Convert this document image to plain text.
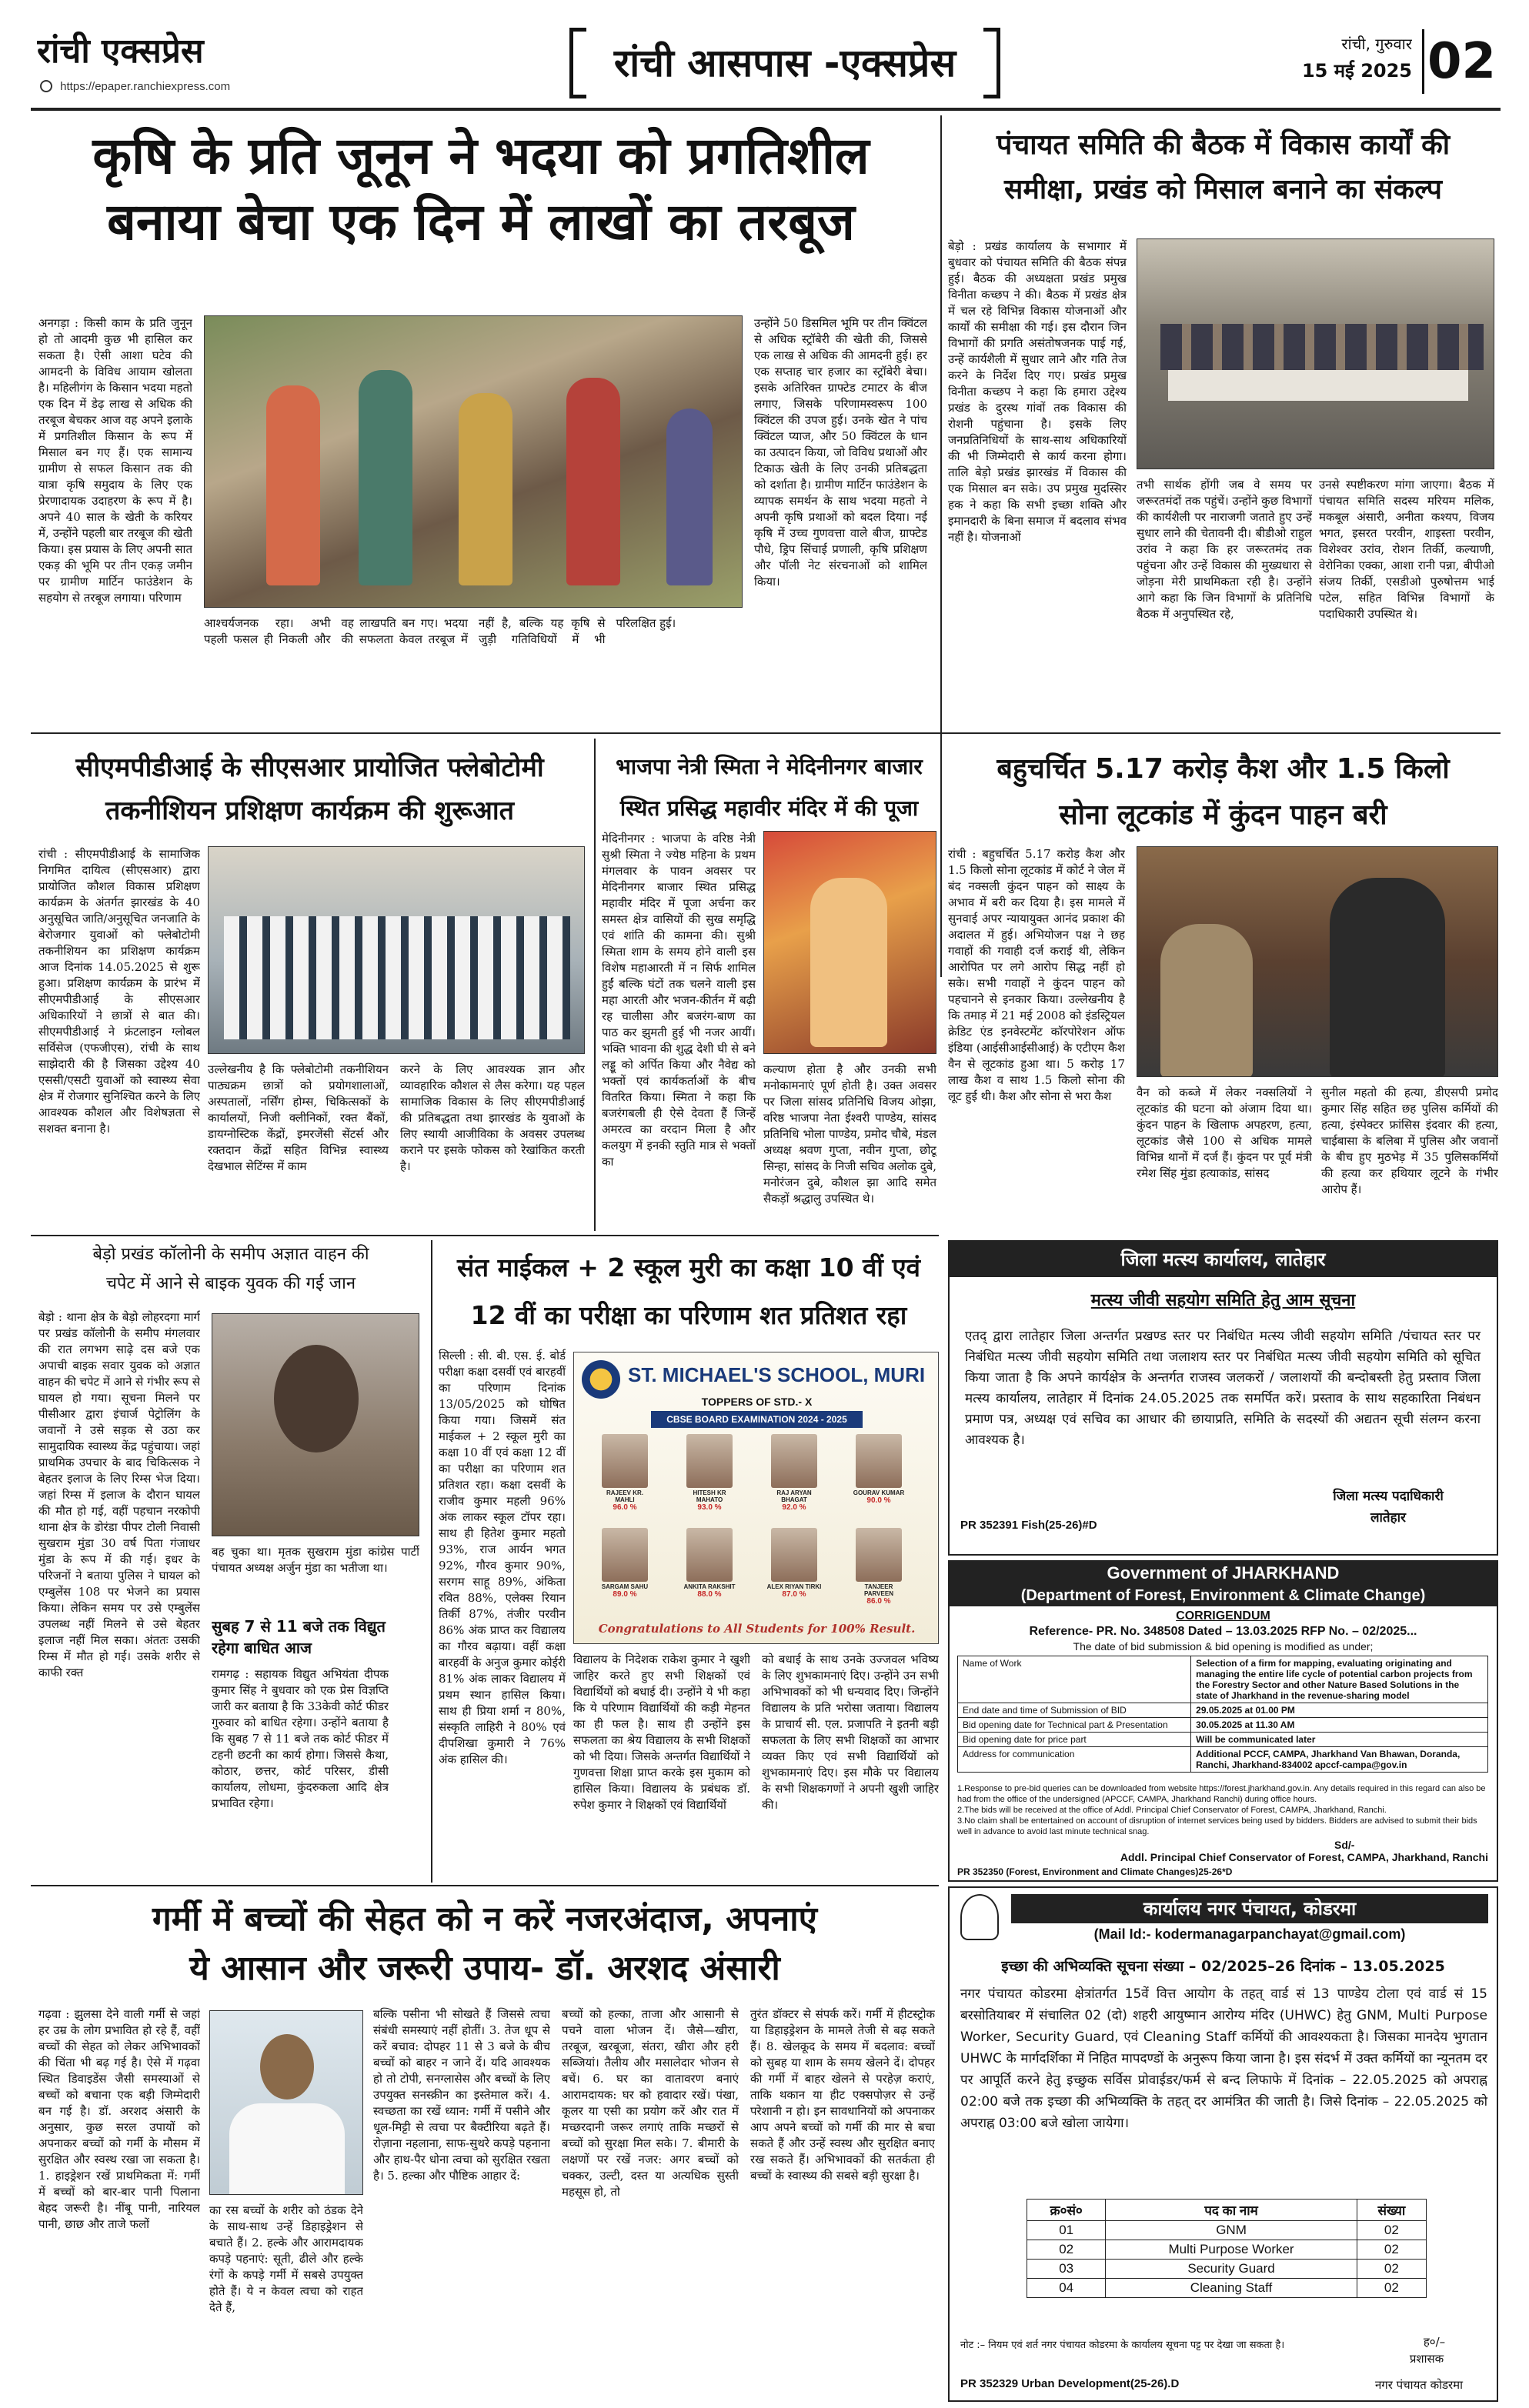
रांची एक्सप्रेस
https://epaper.ranchiexpress.com
रांची आसपास -एक्सप्रेस	रांची, गुरुवार
15 मई 2025 02
कृषि के प्रति जूनून ने भदया को प्रगतिशील
बनाया बेचा एक दिन में लाखों का तरबूज
अनगड़ा : किसी काम के प्रति जुनून हो तो आदमी कुछ भी हासिल कर सकता है। ऐसी आशा घटेव की आमदनी के विविध आयाम खोलता है। महिलीगंग के किसान भदया महतो एक दिन में डेढ़ लाख से अधिक की तरबूज बेचकर आज वह अपने इलाके में प्रगतिशील किसान के रूप में मिसाल बन गए हैं। एक सामान्य ग्रामीण से सफल किसान तक की यात्रा कृषि समुदाय के लिए एक प्रेरणादायक उदाहरण के रूप में है। अपने 40 साल के खेती के करियर में, उन्होंने पहली बार तरबूज की खेती किया। इस प्रयास के लिए अपनी सात एकड़ की भूमि पर तीन एकड़ जमीन पर ग्रामीण मार्टिन फाउंडेशन के सहयोग से तरबूज लगाया। परिणाम
आश्चर्यजनक रहा। अभी पहली फसल ही निकली और वह लाखपति बन गए। भदया की सफलता केवल तरबूज में नहीं है, बल्कि यह कृषि से जुड़ी गतिविधियों में भी परिलक्षित हुई।
उन्होंने 50 डिसमिल भूमि पर तीन क्विंटल से अधिक स्ट्रॉबेरी की खेती की, जिससे एक लाख से अधिक की आमदनी हुई। हर एक सप्ताह चार हजार का स्ट्रॉबेरी बेचा। इसके अतिरिक्त ग्राफ्टेड टमाटर के बीज लगाए, जिसके परिणामस्वरूप 100 क्विंटल की उपज हुई। उनके खेत ने पांच क्विंटल प्याज, और 50 क्विंटल के धान का उत्पादन किया, जो विविध प्रथाओं और टिकाऊ खेती के लिए उनकी प्रतिबद्धता को दर्शाता है। ग्रामीण मार्टिन फाउंडेशन के व्यापक समर्थन के साथ भदया महतो ने अपनी कृषि प्रथाओं को बदल दिया। नई कृषि में उच्च गुणवत्ता वाले बीज, ग्राफ्टेड पौधे, ड्रिप सिंचाई प्रणाली, कृषि प्रशिक्षण और पॉली नेट संरचनाओं को शामिल किया।
पंचायत समिति की बैठक में विकास कार्यों की
समीक्षा, प्रखंड को मिसाल बनाने का संकल्प
बेड़ो : प्रखंड कार्यालय के सभागार में बुधवार को पंचायत समिति की बैठक संपन्न हुई। बैठक की अध्यक्षता प्रखंड प्रमुख विनीता कच्छप ने की। बैठक में प्रखंड क्षेत्र में चल रहे विभिन्न विकास योजनाओं और कार्यों की समीक्षा की गई। इस दौरान जिन विभागों की प्रगति असंतोषजनक पाई गई, उन्हें कार्यशैली में सुधार लाने और गति तेज करने के निर्देश दिए गए। प्रखंड प्रमुख विनीता कच्छप ने कहा कि हमारा उद्देश्य प्रखंड के दुरस्थ गांवों तक विकास की रोशनी पहुंचाना है। इसके लिए जनप्रतिनिधियों के साथ-साथ अधिकारियों की भी जिम्मेदारी से कार्य करना होगा। तालि बेड़ो प्रखंड झारखंड में विकास की एक मिसाल बन सके। उप प्रमुख मुदस्सिर हक ने कहा कि सभी इच्छा शक्ति और इमानदारी के बिना समाज में बदलाव संभव नहीं है। योजनाओं
तभी सार्थक होंगी जब वे समय पर जरूरतमंदों तक पहुंचें। उन्होंने कुछ विभागों की कार्यशैली पर नाराजगी जताते हुए उन्हें सुधार लाने की चेतावनी दी। बीडीओ राहुल उरांव ने कहा कि हर जरूरतमंद तक पहुंचना और उन्हें विकास की मुख्यधारा से जोड़ना मेरी प्राथमिकता रही है। उन्होंने आगे कहा कि जिन विभागों के प्रतिनिधि बैठक में अनुपस्थित रहे,
उनसे स्पष्टीकरण मांगा जाएगा। बैठक में पंचायत समिति सदस्य मरियम मलिक, मकबूल अंसारी, अनीता कश्यप, विजय भगत, इसरत परवीन, शाइस्ता परवीन, विशेश्वर उरांव, रोशन तिर्की, कल्याणी, वेरोनिका एक्का, आशा रानी पन्ना, बीपीओ संजय तिर्की, एसडीओ पुरुषोत्तम भाई पटेल, सहित विभिन्न विभागों के पदाधिकारी उपस्थित थे।
सीएमपीडीआई के सीएसआर प्रायोजित फ्लेबोटोमी
तकनीशियन प्रशिक्षण कार्यक्रम की शुरूआत
रांची : सीएमपीडीआई के सामाजिक निगमित दायित्व (सीएसआर) द्वारा प्रायोजित कौशल विकास प्रशिक्षण कार्यक्रम के अंतर्गत झारखंड के 40 अनुसूचित जाति/अनुसूचित जनजाति के बेरोजगार युवाओं को फ्लेबोटोमी तकनीशियन का प्रशिक्षण कार्यक्रम आज दिनांक 14.05.2025 से शुरू हुआ। प्रशिक्षण कार्यक्रम के प्रारंभ में सीएमपीडीआई के सीएसआर अधिकारियों ने छात्रों से बात की। सीएमपीडीआई ने फ्रंटलाइन ग्लोबल सर्विसेज (एफजीएस), रांची के साथ साझेदारी की है जिसका उद्देश्य 40 एससी/एसटी युवाओं को स्वास्थ्य सेवा क्षेत्र में रोजगार सुनिश्चित करने के लिए आवश्यक कौशल और विशेषज्ञता से सशक्त बनाना है।
उल्लेखनीय है कि फ्लेबोटोमी तकनीशियन पाठ्यक्रम छात्रों को प्रयोगशालाओं, अस्पतालों, नर्सिंग होम्स, चिकित्सकों के कार्यालयों, निजी क्लीनिकों, रक्त बैंकों, डायग्नोस्टिक केंद्रों, इमरजेंसी सेंटर्स और रक्तदान केंद्रों सहित विभिन्न स्वास्थ्य देखभाल सेटिंग्स में काम
करने के लिए आवश्यक ज्ञान और व्यावहारिक कौशल से लैस करेगा। यह पहल सामाजिक विकास के लिए सीएमपीडीआई की प्रतिबद्धता तथा झारखंड के युवाओं के लिए स्थायी आजीविका के अवसर उपलब्ध कराने पर इसके फोकस को रेखांकित करती है।
भाजपा नेत्री स्मिता ने मेदिनीनगर बाजार
स्थित प्रसिद्ध महावीर मंदिर में की पूजा
मेदिनीनगर : भाजपा के वरिष्ठ नेत्री सुश्री स्मिता ने ज्येष्ठ महिना के प्रथम मंगलवार के पावन अवसर पर मेदिनीनगर बाजार स्थित प्रसिद्ध महावीर मंदिर में पूजा अर्चना कर समस्त क्षेत्र वासियों की सुख समृद्धि एवं शांति की कामना की। सुश्री स्मिता शाम के समय होने वाली इस विशेष महाआरती में न सिर्फ शामिल हुईं बल्कि घंटों तक चलने वाली इस महा आरती और भजन-कीर्तन में बढ़ी रह चालीसा और बजरंग-बाण का पाठ कर झुमती हुई भी नजर आयीं। भक्ति भावना की शुद्ध देशी घी से बने लड्डू को अर्पित किया और नैवेद्य को भक्तों एवं कार्यकर्ताओं के बीच वितरित किया। स्मिता ने कहा कि बजरंगबली ही ऐसे देवता हैं जिन्हें अमरत्व का वरदान मिला है और कलयुग में इनकी स्तुति मात्र से भक्तों का
कल्याण होता है और उनकी सभी मनोकामनाएं पूर्ण होती है। उक्त अवसर पर जिला सांसद प्रतिनिधि विजय ओझा, वरिष्ठ भाजपा नेता ईश्वरी पाण्डेय, सांसद प्रतिनिधि भोला पाण्डेय, प्रमोद चौबे, मंडल अध्यक्ष श्रवण गुप्ता, नवीन गुप्ता, छोटू सिन्हा, सांसद के निजी सचिव अलोक दुबे, मनोरंजन दुबे, कौशल झा आदि समेत सैकड़ों श्रद्धालु उपस्थित थे।
बहुचर्चित 5.17 करोड़ कैश और 1.5 किलो
सोना लूटकांड में कुंदन पाहन बरी
रांची : बहुचर्चित 5.17 करोड़ कैश और 1.5 किलो सोना लूटकांड में कोर्ट ने जेल में बंद नक्सली कुंदन पाहन को साक्ष्य के अभाव में बरी कर दिया है। इस मामले में सुनवाई अपर न्यायायुक्त आनंद प्रकाश की अदालत में हुई। अभियोजन पक्ष ने छह गवाहों की गवाही दर्ज कराई थी, लेकिन आरोपित पर लगे आरोप सिद्ध नहीं हो सके। सभी गवाहों ने कुंदन पाहन को पहचानने से इनकार किया। उल्लेखनीय है कि तमाड़ में 21 मई 2008 को इंडस्ट्रियल क्रेडिट एंड इनवेस्टमेंट कॉरपोरेशन ऑफ इंडिया (आईसीआईसीआई) के एटीएम कैश वैन से लूटकांड हुआ था। 5 करोड़ 17 लाख कैश व साथ 1.5 किलो सोना की लूट हुई थी। कैश और सोना से भरा कैश	वैन को कब्जे में लेकर नक्सलियों ने लूटकांड की घटना को अंजाम दिया था। कुंदन पाहन के खिलाफ अपहरण, हत्या, लूटकांड जैसे 100 से अधिक मामले विभिन्न थानों में दर्ज हैं। कुंदन पर पूर्व मंत्री रमेश सिंह मुंडा हत्याकांड, सांसद
सुनील महतो की हत्या, डीएसपी प्रमोद कुमार सिंह सहित छह पुलिस कर्मियों की हत्या, इंस्पेक्टर फ्रांसिस इंदवार की हत्या, चाईबासा के बलिबा में पुलिस और जवानों के बीच हुए मुठभेड़ में 35 पुलिसकर्मियों की हत्या कर हथियार लूटने के गंभीर आरोप हैं।
बेड़ो प्रखंड कॉलोनी के समीप अज्ञात वाहन की
चपेट में आने से बाइक युवक की गई जान
बेड़ो : थाना क्षेत्र के बेड़ो लोहरदगा मार्ग पर प्रखंड कॉलोनी के समीप मंगलवार की रात लगभग साढ़े दस बजे एक अपाची बाइक सवार युवक को अज्ञात वाहन की चपेट में आने से गंभीर रूप से घायल हो गया। सूचना मिलने पर पीसीआर द्वारा इंचार्ज पेट्रोलिंग के जवानों ने उसे सड़क से उठा कर सामुदायिक स्वास्थ्य केंद्र पहुंचाया। जहां प्राथमिक उपचार के बाद चिकित्सक ने बेहतर इलाज के लिए रिम्स भेज दिया। जहां रिम्स में इलाज के दौरान घायल की मौत हो गई, वहीं पहचान नरकोपी थाना क्षेत्र के डोरंडा पीपर टोली निवासी सुखराम मुंडा 30 वर्ष पिता गंजाधर मुंडा के रूप में की गई। इधर के परिजनों ने बताया पुलिस ने घायल को एम्बुलेंस 108 पर भेजने का प्रयास किया। लेकिन समय पर उसे एम्बुलेंस उपलब्ध नहीं मिलने से उसे बेहतर इलाज नहीं मिल सका। अंततः उसकी रिम्स में मौत हो गई। उसके शरीर से काफी रक्त
बह चुका था। मृतक सुखराम मुंडा कांग्रेस पार्टी पंचायत अध्यक्ष अर्जुन मुंडा का भतीजा था।
सुबह 7 से 11 बजे तक विद्युत रहेगा बाधित आज
रामगढ़ : सहायक विद्युत अभियंता दीपक कुमार सिंह ने बुधवार को एक प्रेस विज्ञप्ति जारी कर बताया है कि 33केवी कोर्ट फीडर गुरुवार को बाधित रहेगा। उन्होंने बताया है कि सुबह 7 से 11 बजे तक कोर्ट फीडर में टहनी छटनी का कार्य होगा। जिससे कैथा, कोठार, छत्तर, कोर्ट परिसर, डीसी कार्यालय, लोधमा, कुंदरुकला आदि क्षेत्र प्रभावित रहेगा।
संत माईकल + 2 स्कूल मुरी का कक्षा 10 वीं एवं
12 वीं का परीक्षा का परिणाम शत प्रतिशत रहा
सिल्ली : सी. बी. एस. ई. बोर्ड परीक्षा कक्षा दसवीं एवं बारहवीं का परिणाम दिनांक 13/05/2025 को घोषित किया गया। जिसमें संत माईकल + 2 स्कूल मुरी का कक्षा 10 वीं एवं कक्षा 12 वीं का परीक्षा का परिणाम शत प्रतिशत रहा। कक्षा दसवीं के राजीव कुमार महली 96% अंक लाकर स्कूल टॉपर रहा। साथ ही हितेश कुमार महतो 93%, राज आर्यन भगत 92%, गौरव कुमार 90%, सरगम साहू 89%, अंकिता रवित 88%, एलेक्स रियान तिर्की 87%, तंजीर परवीन 86% अंक प्राप्त कर विद्यालय का गौरव बढ़ाया। वहीं कक्षा बारहवीं के अनुज कुमार कोईरी 81% अंक लाकर विद्यालय में प्रथम स्थान हासिल किया। साथ ही प्रिया शर्मा न 80%, संस्कृति लाहिरी ने 80% एवं दीपशिखा कुमारी ने 76% अंक हासिल की।
ST. MICHAEL'S SCHOOL, MURI
TOPPERS OF STD.- X
CBSE BOARD EXAMINATION 2024 - 2025
RAJEEV KR. MAHLI
96.0 %
HITESH KR MAHATO
93.0 %
RAJ ARYAN BHAGAT
92.0 %
GOURAV KUMAR
90.0 %
SARGAM SAHU
89.0 %
ANKITA RAKSHIT
88.0 %
ALEX RIYAN TIRKI
87.0 %
TANJEER PARVEEN
86.0 %
Congratulations to All Students for 100% Result.
विद्यालय के निदेशक राकेश कुमार ने खुशी जाहिर करते हुए सभी शिक्षकों एवं विद्यार्थियों को बधाई दी। उन्होंने ये भी कहा कि ये परिणाम विद्यार्थियों की कड़ी मेहनत का ही फल है। साथ ही उन्होंने इस सफलता का श्रेय विद्यालय के सभी शिक्षकों को भी दिया। जिसके अन्तर्गत विद्यार्थियों ने गुणवत्ता शिक्षा प्राप्त करके इस मुकाम को हासिल किया। विद्यालय के प्रबंधक डॉ. रुपेश कुमार ने शिक्षकों एवं विद्यार्थियों
को बधाई के साथ उनके उज्जवल भविष्य के लिए शुभकामनाएं दिए। उन्होंने उन सभी अभिभावकों को भी धन्यवाद दिए। जिन्होंने विद्यालय के प्रति भरोसा जताया। विद्यालय के प्राचार्य सी. एल. प्रजापति ने इतनी बड़ी सफलता के लिए सभी शिक्षकों का आभार व्यक्त किए एवं सभी विद्यार्थियों को शुभकामनाएं दिए। इस मौके पर विद्यालय के सभी शिक्षकगणों ने अपनी खुशी जाहिर की।
जिला मत्स्य कार्यालय, लातेहार
मत्स्य जीवी सहयोग समिति हेतु आम सूचना
एतद् द्वारा लातेहार जिला अन्तर्गत प्रखण्ड स्तर पर निबंधित मत्स्य जीवी सहयोग समिति /पंचायत स्तर पर निबंधित मत्स्य जीवी सहयोग समिति तथा जलाशय स्तर पर निबंधित मत्स्य जीवी सहयोग समिति को सूचित किया जाता है कि अपने कार्यक्षेत्र के अन्तर्गत राजस्व जलकरों / जलाशयों की बन्दोबस्ती हेतु प्रस्ताव जिला मत्स्य कार्यालय, लातेहार में दिनांक 24.05.2025 तक समर्पित करें। प्रस्ताव के साथ सहकारिता निबंधन प्रमाण पत्र, अध्यक्ष एवं सचिव का आधार की छायाप्रति, समिति के सदस्यों की अद्यतन सूची संलग्न करना आवश्यक है।
जिला मत्स्य पदाधिकारी
लातेहार
PR 352391 Fish(25-26)#D
Government of JHARKHAND
(Department of Forest, Environment & Climate Change)
CORRIGENDUM
Reference- PR. No. 348508 Dated – 13.03.2025 RFP No. – 02/2025...
The date of bid submission & bid opening is modified as under;
Name of Work	Selection of a firm for mapping, evaluating originating and managing the entire life cycle of potential carbon projects from the Forestry Sector and other Nature Based Solutions in the state of Jharkhand in the revenue-sharing model
End date and time of Submission of BID	29.05.2025 at 01.00 PM
Bid opening date for Technical part & Presentation	30.05.2025 at 11.30 AM
Bid opening date for price part	Will be communicated later
Address for communication	Additional PCCF, CAMPA, Jharkhand Van Bhawan, Doranda, Ranchi, Jharkhand-834002 apccf-campa@gov.in
1.Response to pre-bid queries can be downloaded from website https://forest.jharkhand.gov.in. Any details required in this regard can also be had from the office of the undersigned (APCCF, CAMPA, Jharkhand Ranchi) during office hours.
2.The bids will be received at the office of Addl. Principal Chief Conservator of Forest, CAMPA, Jharkhand, Ranchi.
3.No claim shall be entertained on account of disruption of internet services being used by bidders. Bidders are advised to submit their bids well in advance to avoid last minute technical snag.
Sd/-
Addl. Principal Chief Conservator of Forest, CAMPA, Jharkhand, Ranchi
PR 352350 (Forest, Environment and Climate Changes)25-26*D
गर्मी में बच्चों की सेहत को न करें नजरअंदाज, अपनाएं
ये आसान और जरूरी उपाय- डॉ. अरशद अंसारी
गढ़वा : झुलसा देने वाली गर्मी से जहां हर उम्र के लोग प्रभावित हो रहे हैं, वहीं बच्चों की सेहत को लेकर अभिभावकों की चिंता भी बढ़ गई है। ऐसे में गढ़वा स्थित डिवाइडेंस जैसी समस्याओं से बच्चों को बचाना एक बड़ी जिम्मेदारी बन गई है। डॉ. अरशद अंसारी के अनुसार, कुछ सरल उपायों को अपनाकर बच्चों को गर्मी के मौसम में सुरक्षित और स्वस्थ रखा जा सकता है। 1. हाइड्रेशन रखें प्राथमिकता में: गर्मी में बच्चों को बार-बार पानी पिलाना बेहद जरूरी है। नींबू पानी, नारियल पानी, छाछ और ताजे फलों
का रस बच्चों के शरीर को ठंडक देने के साथ-साथ उन्हें डिहाइड्रेशन से बचाते हैं। 2. हल्के और आरामदायक कपड़े पहनाएं: सूती, ढीले और हल्के रंगों के कपड़े गर्मी में सबसे उपयुक्त होते हैं। ये न केवल त्वचा को राहत देते हैं,
बल्कि पसीना भी सोखते हैं जिससे त्वचा संबंधी समस्याएं नहीं होतीं। 3. तेज धूप से करें बचाव: दोपहर 11 से 3 बजे के बीच बच्चों को बाहर न जाने दें। यदि आवश्यक हो तो टोपी, सनग्लासेस और बच्चों के लिए उपयुक्त सनस्क्रीन का इस्तेमाल करें। 4. स्वच्छता का रखें ध्यान: गर्मी में पसीने और धूल-मिट्टी से त्वचा पर बैक्टीरिया बढ़ते हैं। रोज़ाना नहलाना, साफ-सुथरे कपड़े पहनाना और हाथ-पैर धोना त्वचा को सुरक्षित रखता है। 5. हल्का और पौष्टिक आहार दें:
बच्चों को हल्का, ताजा और आसानी से पचने वाला भोजन दें। जैसे—खीरा, तरबूज, खरबूजा, संतरा, खीरा और हरी सब्जियां। तैलीय और मसालेदार भोजन से बचें। 6. घर का वातावरण बनाएं आरामदायक: घर को हवादार रखें। पंखा, कूलर या एसी का प्रयोग करें और रात में मच्छरदानी जरूर लगाएं ताकि मच्छरों से बच्चों को सुरक्षा मिल सके। 7. बीमारी के लक्षणों पर रखें नजर: अगर बच्चों को चक्कर, उल्टी, दस्त या अत्यधिक सुस्ती महसूस हो, तो
तुरंत डॉक्टर से संपर्क करें। गर्मी में हीटस्ट्रोक या डिहाइड्रेशन के मामले तेजी से बढ़ सकते हैं। 8. खेलकूद के समय में बदलाव: बच्चों को सुबह या शाम के समय खेलने दें। दोपहर की गर्मी में बाहर खेलने से परहेज़ कराएं, ताकि थकान या हीट एक्सपोज़र से उन्हें परेशानी न हो। इन सावधानियों को अपनाकर आप अपने बच्चों को गर्मी की मार से बचा सकते हैं और उन्हें स्वस्थ और सुरक्षित बनाए रख सकते हैं। अभिभावकों की सतर्कता ही बच्चों के स्वास्थ्य की सबसे बड़ी सुरक्षा है।
कार्यालय नगर पंचायत, कोडरमा
(Mail Id:- kodermanagarpanchayat@gmail.com)
इच्छा की अभिव्यक्ति सूचना संख्या – 02/2025–26 दिनांक – 13.05.2025
नगर पंचायत कोडरमा क्षेत्रांतर्गत 15वें वित्त आयोग के तहत् वार्ड सं 13 पाण्डेय टोला एवं वार्ड सं 15 बरसोतियाबर में संचालित 02 (दो) शहरी आयुष्मान आरोग्य मंदिर (UHWC) हेतु GNM, Multi Purpose Worker, Security Guard, एवं Cleaning Staff कर्मियों की आवश्यकता है। जिसका मानदेय भुगतान UHWC के मार्गदर्शिका में निहित मापदण्डों के अनुरूप किया जाना है। इस संदर्भ में उक्त कर्मियों का न्यूनतम दर पर आपूर्ति करने हेतु इच्छुक सर्विस प्रोवाईडर/फर्म से बन्द लिफाफे में दिनांक – 22.05.2025 को अपराह्न 02:00 बजे तक इच्छा की अभिव्यक्ति के तहत् दर आमंत्रित की जाती है। जिसे दिनांक – 22.05.2025 को अपराह्न 03:00 बजे खोला जायेगा।
क्र०सं०	पद का नाम	संख्या
01	GNM	02
02	Multi Purpose Worker	02
03	Security Guard	02
04	Cleaning Staff	02
नोट :– नियम एवं शर्त नगर पंचायत कोडरमा के कार्यालय सूचना पट्ट पर देखा जा सकता है।	ह०/–
प्रशासक
PR 352329 Urban Development(25-26).D	नगर पंचायत कोडरमा
